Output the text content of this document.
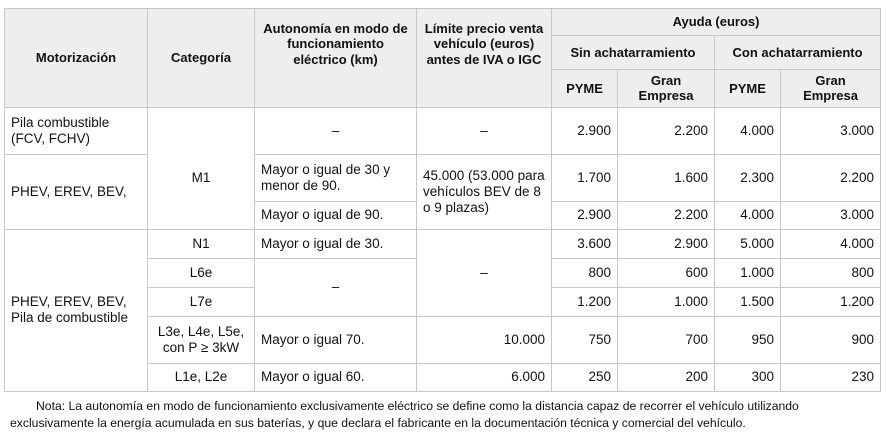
Motorización	Categoría	Autonomía en modo de funcionamiento eléctrico (km)	Límite precio venta vehículo (euros) antes de IVA o IGC	Ayuda (euros)			
				Sin achatarramiento		Con achatarramiento	
				PYME	Gran Empresa	PYME	Gran Empresa
Pila combustible (FCV, FCHV)	M1	–	–	2.900	2.200	4.000	3.000
PHEV, EREV, BEV,		Mayor o igual de 30 y menor de 90.	45.000 (53.000 para vehículos BEV de 8 o 9 plazas)	1.700	1.600	2.300	2.200
		Mayor o igual de 90.		2.900	2.200	4.000	3.000
PHEV, EREV, BEV, Pila de combustible	N1	Mayor o igual de 30.	–	3.600	2.900	5.000	4.000
	L6e	–		800	600	1.000	800
	L7e			1.200	1.000	1.500	1.200
	L3e, L4e, L5e, con P ≥ 3kW	Mayor o igual 70.	10.000	750	700	950	900
	L1e, L2e	Mayor o igual 60.	6.000	250	200	300	230
Nota: La autonomía en modo de funcionamiento exclusivamente eléctrico se define como la distancia capaz de recorrer el vehículo utilizando exclusivamente la energía acumulada en sus baterías, y que declara el fabricante en la documentación técnica y comercial del vehículo.
